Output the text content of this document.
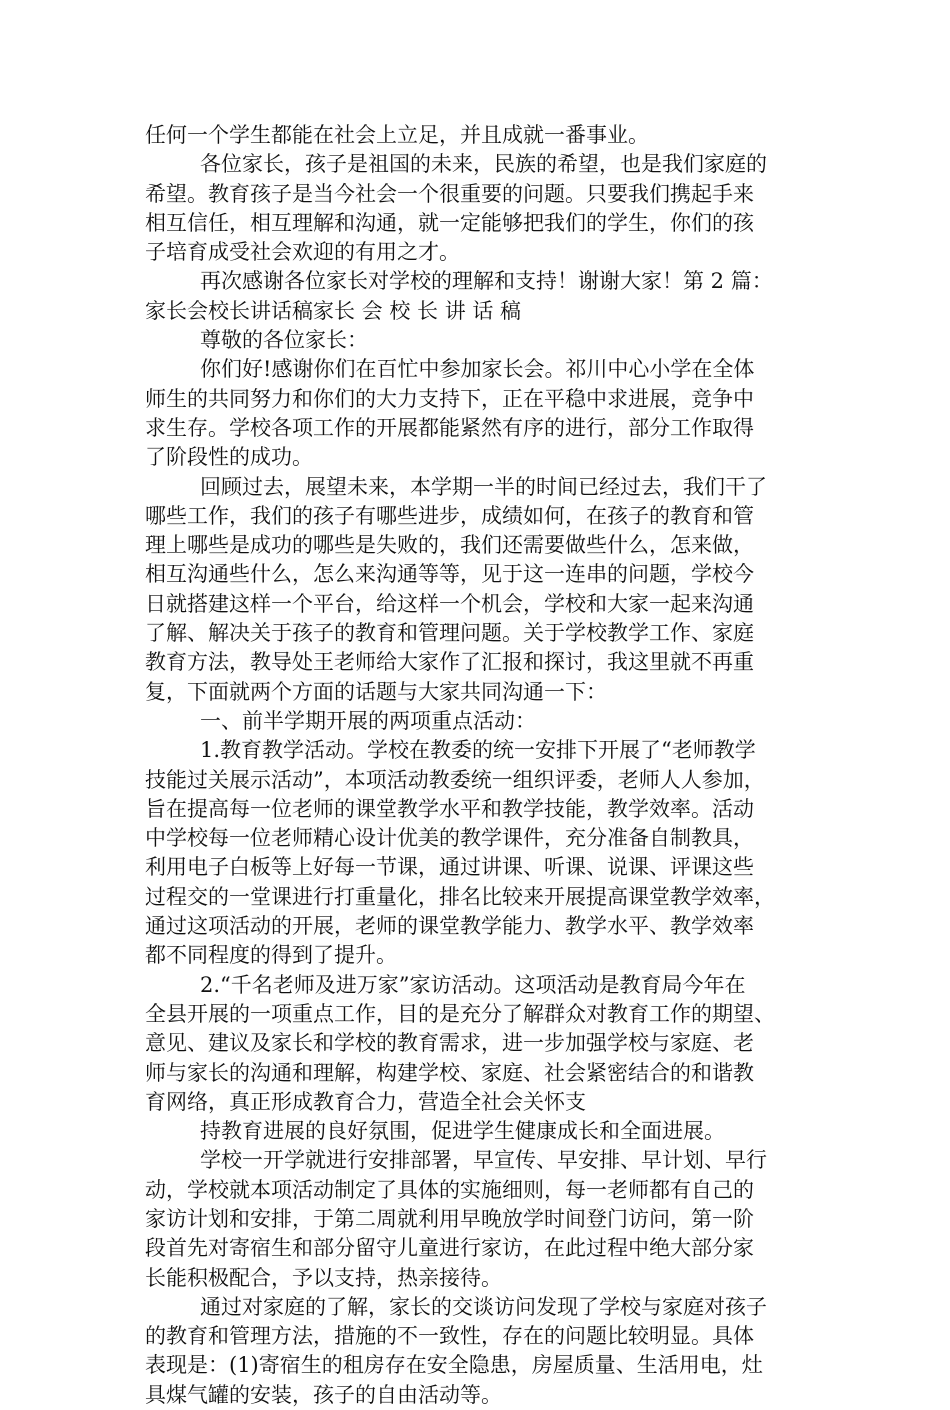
任何一个学生都能在社会上立足，并且成就一番事业。
各位家长，孩子是祖国的未来，民族的希望，也是我们家庭的
希望。教育孩子是当今社会一个很重要的问题。只要我们携起手来
相互信任，相互理解和沟通，就一定能够把我们的学生，你们的孩
子培育成受社会欢迎的有用之才。
再次感谢各位家长对学校的理解和支持！谢谢大家！第 2 篇：
家长会校长讲话稿家长 会 校 长 讲 话 稿
尊敬的各位家长：
你们好!感谢你们在百忙中参加家长会。祁川中心小学在全体
师生的共同努力和你们的大力支持下，正在平稳中求进展，竞争中
求生存。学校各项工作的开展都能紧然有序的进行，部分工作取得
了阶段性的成功。
回顾过去，展望未来，本学期一半的时间已经过去，我们干了
哪些工作，我们的孩子有哪些进步，成绩如何，在孩子的教育和管
理上哪些是成功的哪些是失败的，我们还需要做些什么，怎来做，
相互沟通些什么，怎么来沟通等等，见于这一连串的问题，学校今
日就搭建这样一个平台，给这样一个机会，学校和大家一起来沟通
了解、解决关于孩子的教育和管理问题。关于学校教学工作、家庭
教育方法，教导处王老师给大家作了汇报和探讨，我这里就不再重
复，下面就两个方面的话题与大家共同沟通一下：
一、前半学期开展的两项重点活动：
1.教育教学活动。学校在教委的统一安排下开展了“老师教学
技能过关展示活动”，本项活动教委统一组织评委，老师人人参加，
旨在提高每一位老师的课堂教学水平和教学技能，教学效率。活动
中学校每一位老师精心设计优美的教学课件，充分准备自制教具，
利用电子白板等上好每一节课，通过讲课、听课、说课、评课这些
过程交的一堂课进行打重量化，排名比较来开展提高课堂教学效率，
通过这项活动的开展，老师的课堂教学能力、教学水平、教学效率
都不同程度的得到了提升。
2.“千名老师及进万家”家访活动。这项活动是教育局今年在
全县开展的一项重点工作，目的是充分了解群众对教育工作的期望、
意见、建议及家长和学校的教育需求，进一步加强学校与家庭、老
师与家长的沟通和理解，构建学校、家庭、社会紧密结合的和谐教
育网络，真正形成教育合力，营造全社会关怀支
持教育进展的良好氛围，促进学生健康成长和全面进展。
学校一开学就进行安排部署，早宣传、早安排、早计划、早行
动，学校就本项活动制定了具体的实施细则，每一老师都有自己的
家访计划和安排，于第二周就利用早晚放学时间登门访问，第一阶
段首先对寄宿生和部分留守儿童进行家访，在此过程中绝大部分家
长能积极配合，予以支持，热亲接待。
通过对家庭的了解，家长的交谈访问发现了学校与家庭对孩子
的教育和管理方法，措施的不一致性，存在的问题比较明显。具体
表现是：(1)寄宿生的租房存在安全隐患，房屋质量、生活用电，灶
具煤气罐的安装，孩子的自由活动等。
